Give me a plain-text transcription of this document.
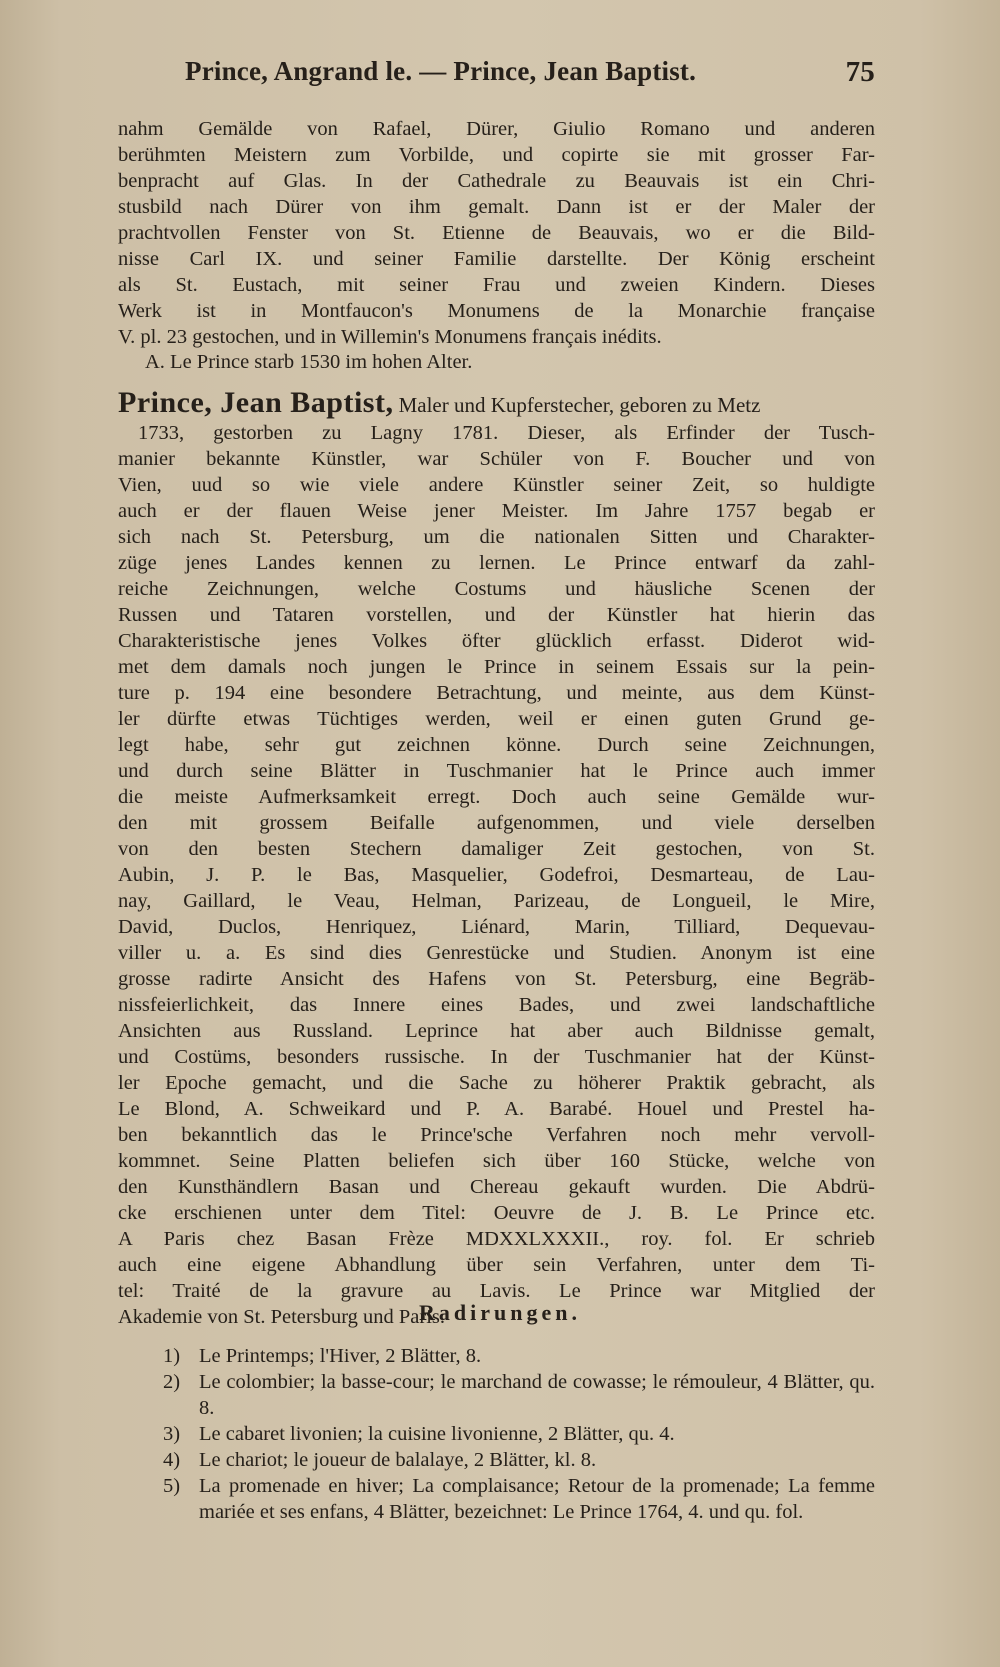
Prince, Angrand le. — Prince, Jean Baptist.	75
nahm Gemälde von Rafael, Dürer, Giulio Romano und anderen
berühmten Meistern zum Vorbilde, und copirte sie mit grosser Far-
benpracht auf Glas. In der Cathedrale zu Beauvais ist ein Chri-
stusbild nach Dürer von ihm gemalt. Dann ist er der Maler der
prachtvollen Fenster von St. Etienne de Beauvais, wo er die Bild-
nisse Carl IX. und seiner Familie darstellte. Der König erscheint
als St. Eustach, mit seiner Frau und zweien Kindern. Dieses
Werk ist in Montfaucon's Monumens de la Monarchie française
V. pl. 23 gestochen, und in Willemin's Monumens français inédits.
A. Le Prince starb 1530 im hohen Alter.
Prince, Jean Baptist, Maler und Kupferstecher, geboren zu Metz
1733, gestorben zu Lagny 1781. Dieser, als Erfinder der Tusch-
manier bekannte Künstler, war Schüler von F. Boucher und von
Vien, uud so wie viele andere Künstler seiner Zeit, so huldigte
auch er der flauen Weise jener Meister. Im Jahre 1757 begab er
sich nach St. Petersburg, um die nationalen Sitten und Charakter-
züge jenes Landes kennen zu lernen. Le Prince entwarf da zahl-
reiche Zeichnungen, welche Costums und häusliche Scenen der
Russen und Tataren vorstellen, und der Künstler hat hierin das
Charakteristische jenes Volkes öfter glücklich erfasst. Diderot wid-
met dem damals noch jungen le Prince in seinem Essais sur la pein-
ture p. 194 eine besondere Betrachtung, und meinte, aus dem Künst-
ler dürfte etwas Tüchtiges werden, weil er einen guten Grund ge-
legt habe, sehr gut zeichnen könne. Durch seine Zeichnungen,
und durch seine Blätter in Tuschmanier hat le Prince auch immer
die meiste Aufmerksamkeit erregt. Doch auch seine Gemälde wur-
den mit grossem Beifalle aufgenommen, und viele derselben
von den besten Stechern damaliger Zeit gestochen, von St.
Aubin, J. P. le Bas, Masquelier, Godefroi, Desmarteau, de Lau-
nay, Gaillard, le Veau, Helman, Parizeau, de Longueil, le Mire,
David, Duclos, Henriquez, Liénard, Marin, Tilliard, Dequevau-
viller u. a. Es sind dies Genrestücke und Studien. Anonym ist eine
grosse radirte Ansicht des Hafens von St. Petersburg, eine Begräb-
nissfeierlichkeit, das Innere eines Bades, und zwei landschaftliche
Ansichten aus Russland. Leprince hat aber auch Bildnisse gemalt,
und Costüms, besonders russische. In der Tuschmanier hat der Künst-
ler Epoche gemacht, und die Sache zu höherer Praktik gebracht, als
Le Blond, A. Schweikard und P. A. Barabé. Houel und Prestel ha-
ben bekanntlich das le Prince'sche Verfahren noch mehr vervoll-
kommnet. Seine Platten beliefen sich über 160 Stücke, welche von
den Kunsthändlern Basan und Chereau gekauft wurden. Die Abdrü-
cke erschienen unter dem Titel: Oeuvre de J. B. Le Prince etc.
A Paris chez Basan Frèze MDXXLXXXII., roy. fol. Er schrieb
auch eine eigene Abhandlung über sein Verfahren, unter dem Ti-
tel: Traité de la gravure au Lavis. Le Prince war Mitglied der
Akademie von St. Petersburg und Paris.
Radirungen.
1) Le Printemps; l'Hiver, 2 Blätter, 8.
2) Le colombier; la basse-cour; le marchand de cowasse; le rémouleur, 4 Blätter, qu. 8.
3) Le cabaret livonien; la cuisine livonienne, 2 Blätter, qu. 4.
4) Le chariot; le joueur de balalaye, 2 Blätter, kl. 8.
5) La promenade en hiver; La complaisance; Retour de la promenade; La femme mariée et ses enfans, 4 Blätter, bezeichnet: Le Prince 1764, 4. und qu. fol.
